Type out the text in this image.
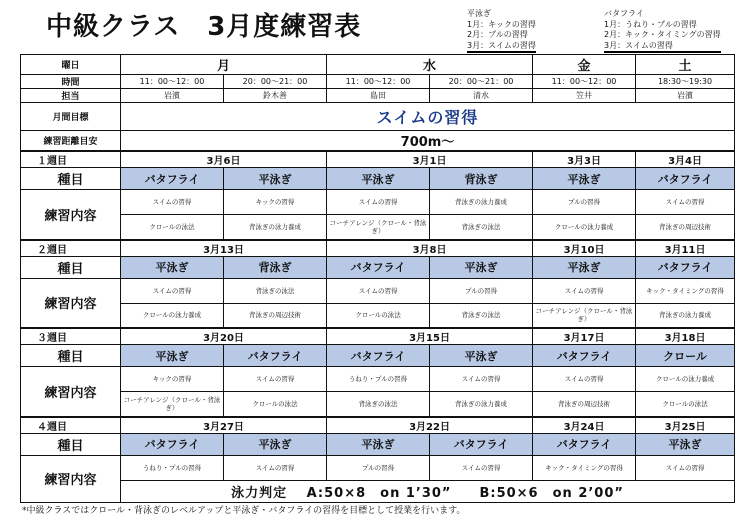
中級クラス　3月度練習表	平泳ぎ
1月：キックの習得
2月：プルの習得
3月：スイムの習得
バタフライ
1月：うねり・プルの習得
2月：キック・タイミングの習得
3月：スイムの習得
曜日	月		水		金	土
時間	11：00～12：00	20：00～21：00	11：00～12：00	20：00～21：00	11：00～12：00	18:30～19:30
担当	岩濱	鈴木善	島田	清水	笠井	岩濱
月間目標	スイムの習得					
練習距離目安	700m～					
１週目	3月6日		3月1日		3月3日	3月4日
種目	バタフライ	平泳ぎ	平泳ぎ	背泳ぎ	平泳ぎ	バタフライ
練習内容	スイムの習得	キックの習得	スイムの習得	背泳ぎの泳力養成	プルの習得	スイムの習得
	クロールの泳法	背泳ぎの泳力養成	コーチアレンジ（クロール・背泳ぎ）	背泳ぎの泳法	クロールの泳力養成	背泳ぎの周辺技術
２週目	3月13日		3月8日		3月10日	3月11日
種目	平泳ぎ	背泳ぎ	バタフライ	平泳ぎ	平泳ぎ	バタフライ
練習内容	スイムの習得	背泳ぎの泳法	スイムの習得	プルの習得	スイムの習得	キック・タイミングの習得
	クロールの泳力養成	背泳ぎの周辺技術	クロールの泳法	背泳ぎの泳法	コーチアレンジ（クロール・背泳ぎ）	背泳ぎの泳力養成
３週目	3月20日		3月15日		3月17日	3月18日
種目	平泳ぎ	バタフライ	バタフライ	平泳ぎ	バタフライ	クロール
練習内容	キックの習得	スイムの習得	うねり・プルの習得	スイムの習得	スイムの習得	クロールの泳力養成
	コーチアレンジ（クロール・背泳ぎ）	クロールの泳法	背泳ぎの泳法	背泳ぎの泳力養成	背泳ぎの周辺技術	クロールの泳法
４週目	3月27日		3月22日		3月24日	3月25日
種目	バタフライ	平泳ぎ	平泳ぎ	バタフライ	バタフライ	平泳ぎ
練習内容	うねり・プルの習得	スイムの習得	プルの習得	スイムの習得	キック・タイミングの習得	スイムの習得
	泳力判定　 A:50×8　on 1’30”　　B:50×6　on 2’00”					
*中級クラスではクロール・背泳ぎのレベルアップと平泳ぎ・バタフライの習得を目標として授業を行います。
